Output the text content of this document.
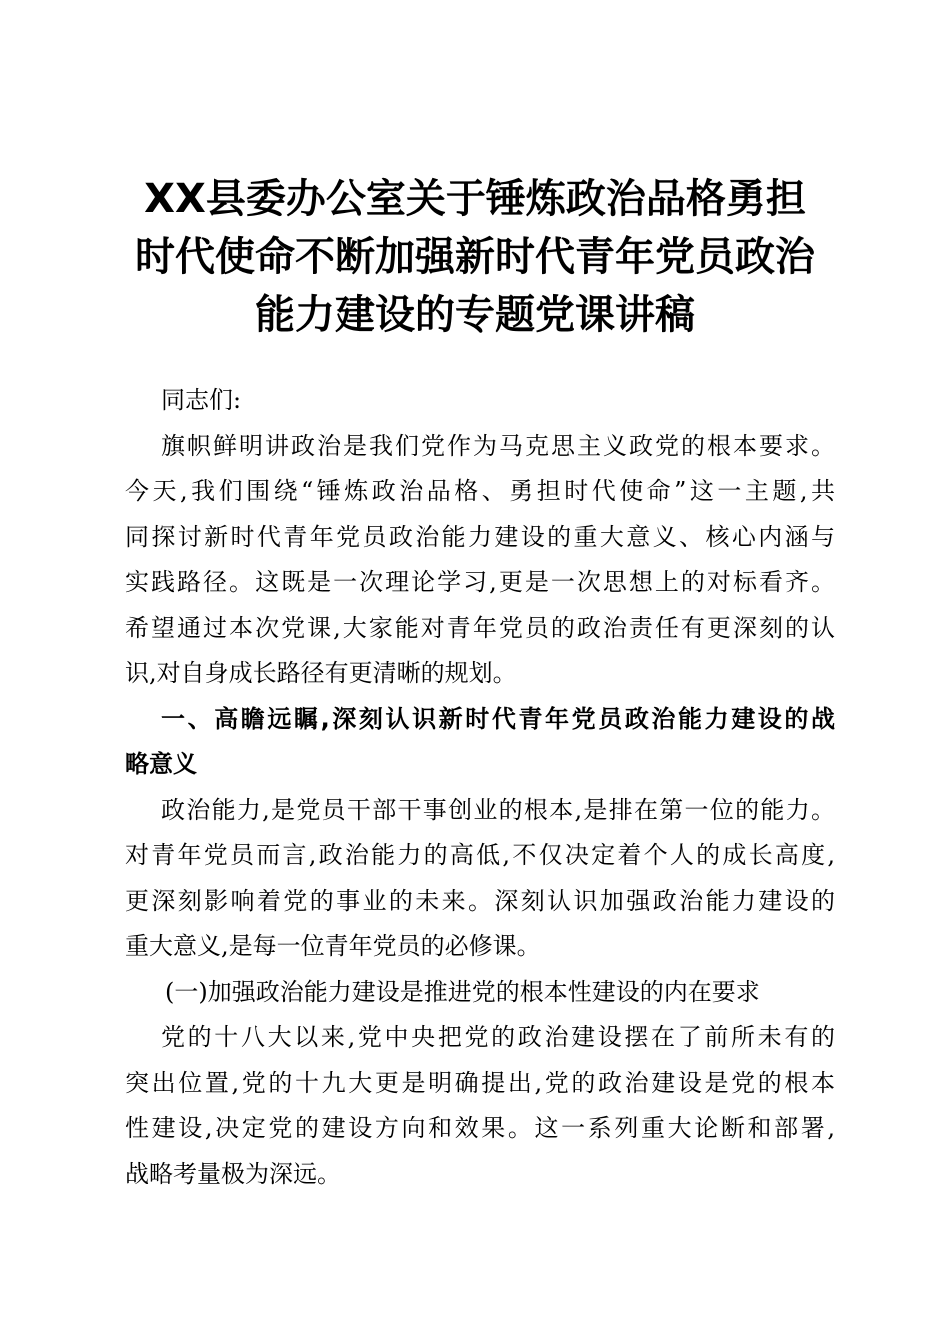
XX县委办公室关于锤炼政治品格勇担
时代使命不断加强新时代青年党员政治
能力建设的专题党课讲稿
同志们:
旗帜鲜明讲政治是我们党作为马克思主义政党的根本要求。
今天,我们围绕“锤炼政治品格、勇担时代使命”这一主题,共
同探讨新时代青年党员政治能力建设的重大意义、核心内涵与
实践路径。这既是一次理论学习,更是一次思想上的对标看齐。
希望通过本次党课,大家能对青年党员的政治责任有更深刻的认
识,对自身成长路径有更清晰的规划。
一、高瞻远瞩,深刻认识新时代青年党员政治能力建设的战
略意义
政治能力,是党员干部干事创业的根本,是排在第一位的能力。
对青年党员而言,政治能力的高低,不仅决定着个人的成长高度,
更深刻影响着党的事业的未来。深刻认识加强政治能力建设的
重大意义,是每一位青年党员的必修课。
(一)加强政治能力建设是推进党的根本性建设的内在要求
党的十八大以来,党中央把党的政治建设摆在了前所未有的
突出位置,党的十九大更是明确提出,党的政治建设是党的根本
性建设,决定党的建设方向和效果。这一系列重大论断和部署,
战略考量极为深远。
